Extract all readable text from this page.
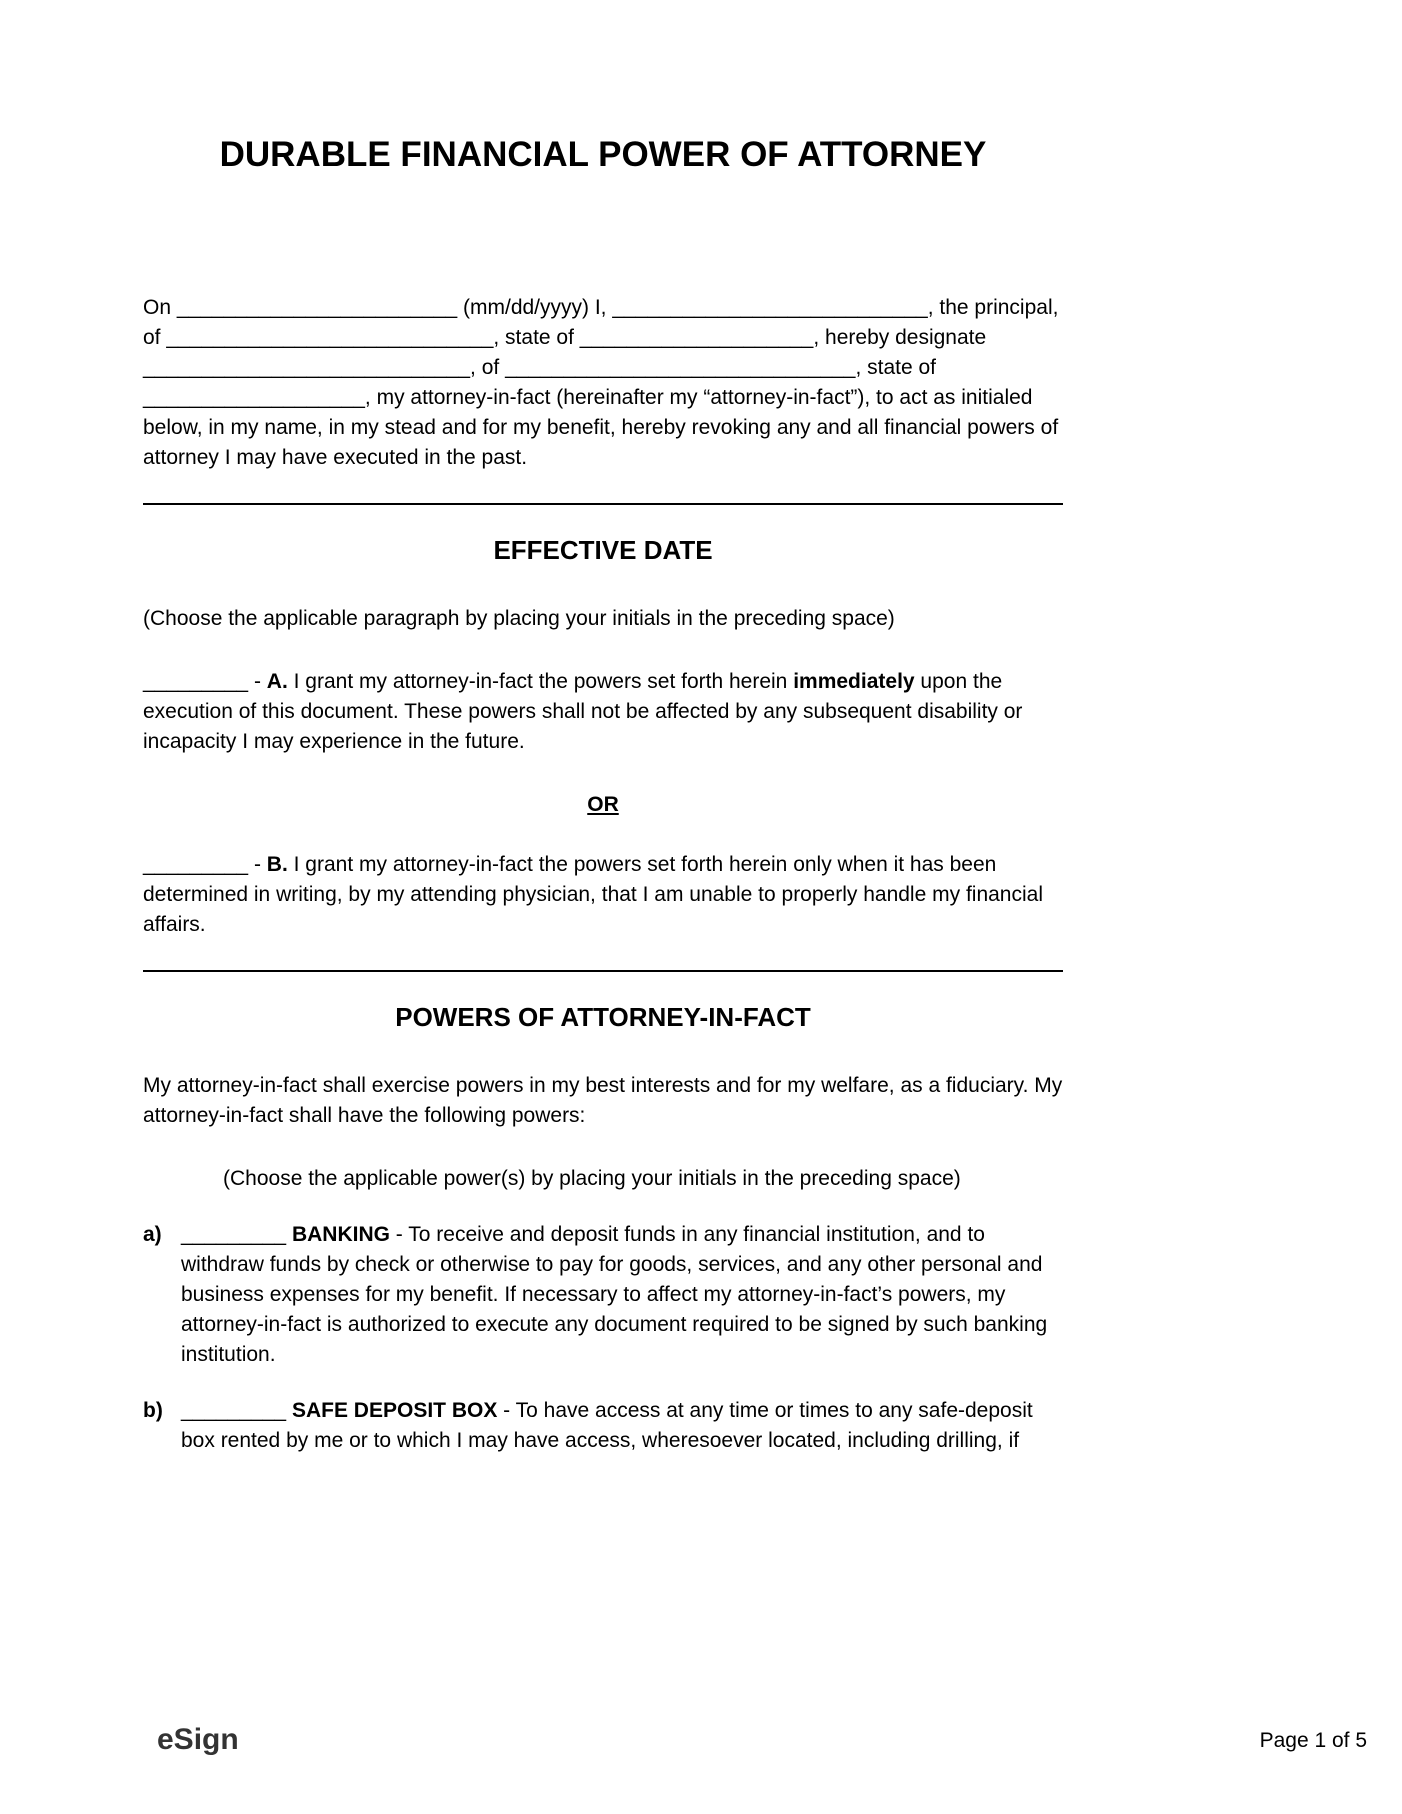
DURABLE FINANCIAL POWER OF ATTORNEY

On ________________________ (mm/dd/yyyy) I, ___________________________, the principal, of ____________________________, state of ____________________, hereby designate ____________________________, of ______________________________, state of ___________________, my attorney-in-fact (hereinafter my “attorney-in-fact”), to act as initialed below, in my name, in my stead and for my benefit, hereby revoking any and all financial powers of attorney I may have executed in the past.

EFFECTIVE DATE

(Choose the applicable paragraph by placing your initials in the preceding space)

_________ - A. I grant my attorney-in-fact the powers set forth herein immediately upon the execution of this document. These powers shall not be affected by any subsequent disability or incapacity I may experience in the future.

OR

_________ - B. I grant my attorney-in-fact the powers set forth herein only when it has been determined in writing, by my attending physician, that I am unable to properly handle my financial affairs.

POWERS OF ATTORNEY-IN-FACT

My attorney-in-fact shall exercise powers in my best interests and for my welfare, as a fiduciary. My attorney-in-fact shall have the following powers:

(Choose the applicable power(s) by placing your initials in the preceding space)

a) _________ BANKING - To receive and deposit funds in any financial institution, and to withdraw funds by check or otherwise to pay for goods, services, and any other personal and business expenses for my benefit. If necessary to affect my attorney-in-fact’s powers, my attorney-in-fact is authorized to execute any document required to be signed by such banking institution.
b) _________ SAFE DEPOSIT BOX - To have access at any time or times to any safe-deposit box rented by me or to which I may have access, wheresoever located, including drilling, if
eSign	Page 1 of 5
